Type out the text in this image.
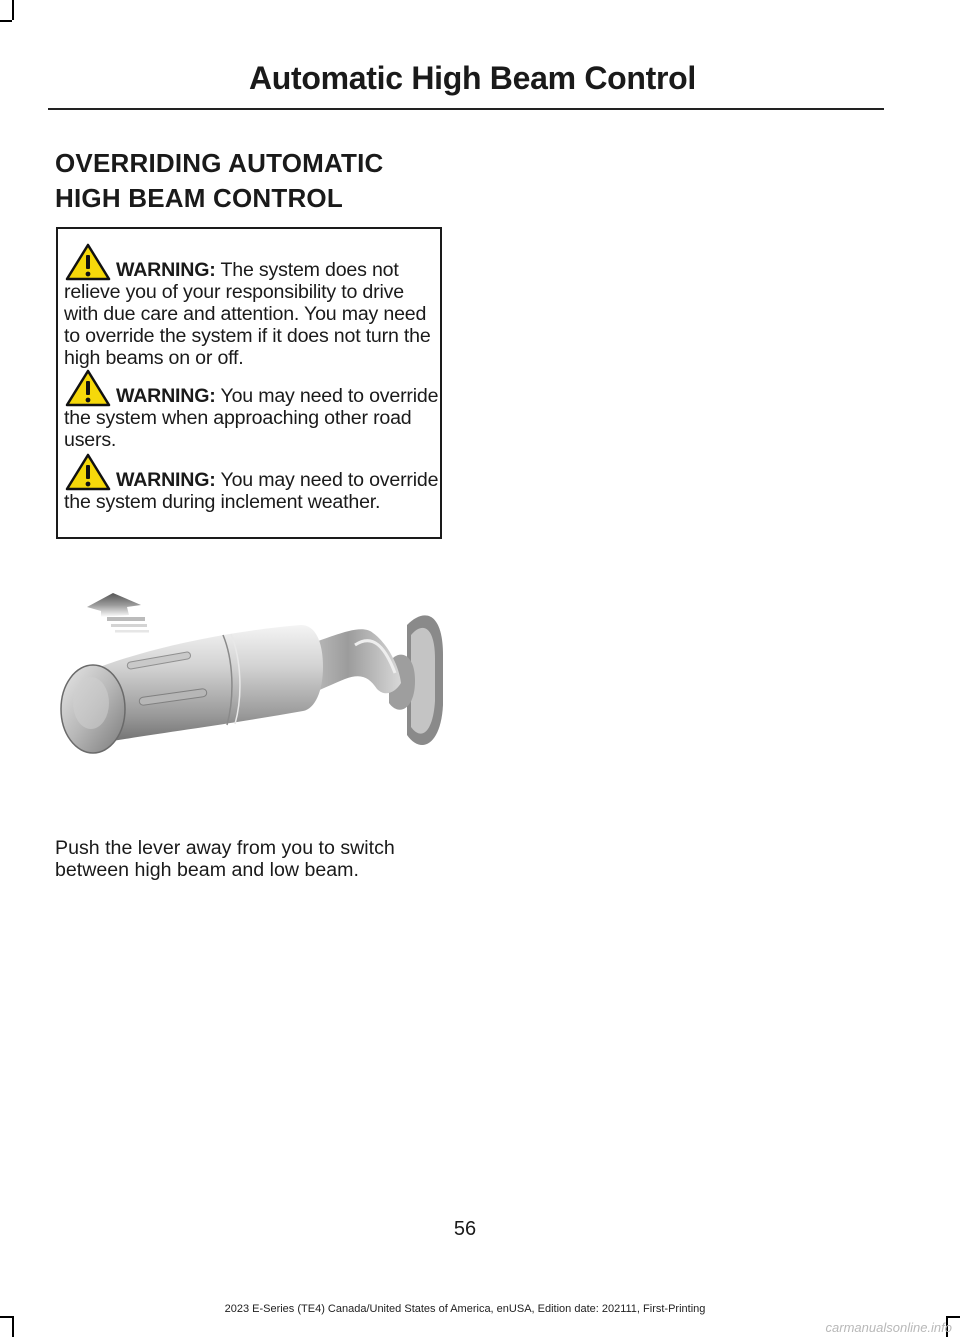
Automatic High Beam Control
OVERRIDING AUTOMATIC HIGH BEAM CONTROL
WARNING: The system does not relieve you of your responsibility to drive with due care and attention. You may need to override the system if it does not turn the high beams on or off.
WARNING: You may need to override the system when approaching other road users.
WARNING: You may need to override the system during inclement weather.

Push the lever away from you to switch between high beam and low beam.

56
2023 E-Series (TE4) Canada/United States of America, enUSA, Edition date: 202111, First-Printing
carmanualsonline.info
